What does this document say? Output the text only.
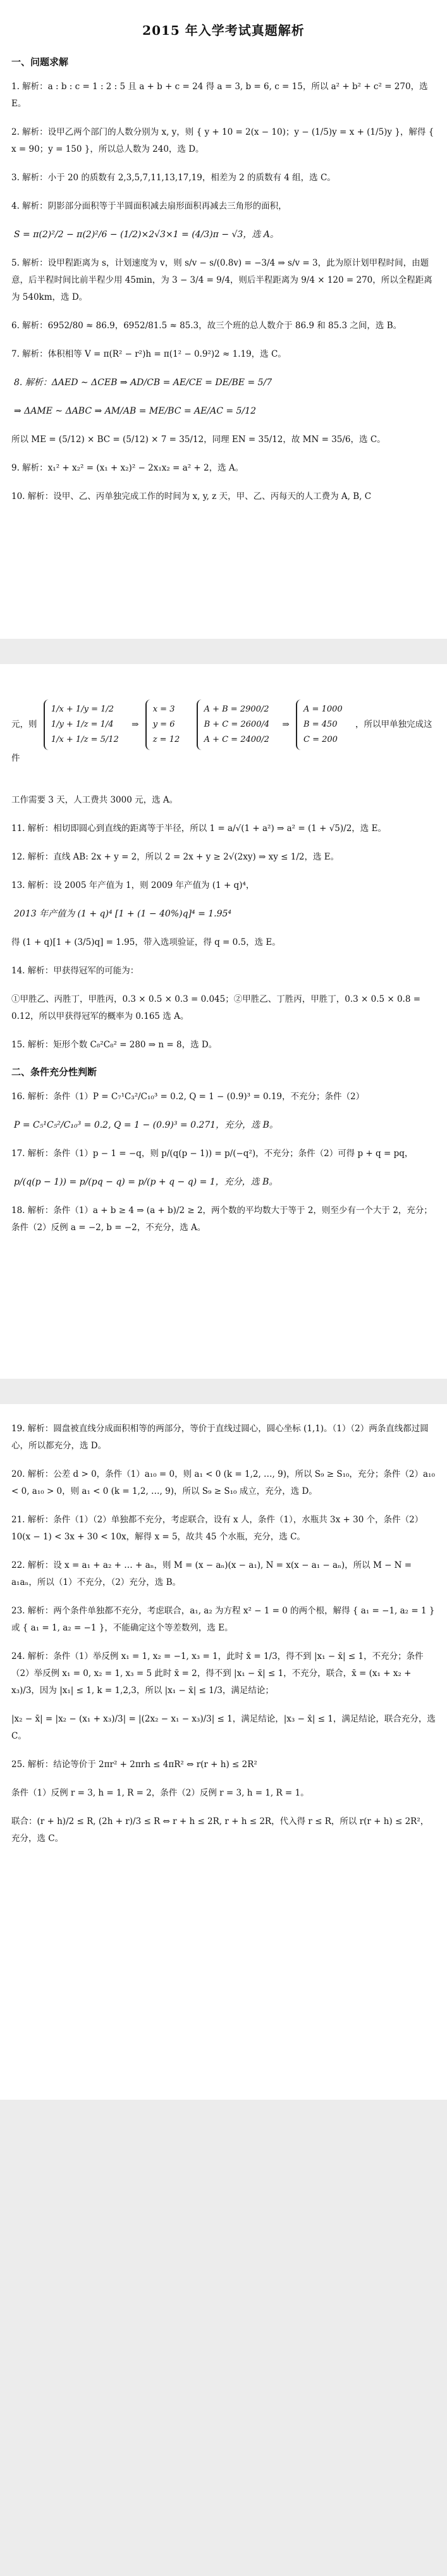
2015 年入学考试真题解析
一、问题求解
1. 解析：a : b : c = 1 : 2 : 5 且 a + b + c = 24 得 a = 3, b = 6, c = 15，所以 a² + b² + c² = 270，选 E。
2. 解析：设甲乙两个部门的人数分别为 x, y，则 { y + 10 = 2(x − 10)；y − (1/5)y = x + (1/5)y }，解得 { x = 90；y = 150 }，所以总人数为 240，选 D。
3. 解析：小于 20 的质数有 2,3,5,7,11,13,17,19，相差为 2 的质数有 4 组，选 C。
4. 解析：阴影部分面积等于半圆面积减去扇形面积再减去三角形的面积，
S = π(2)²/2 − π(2)²/6 − (1/2)×2√3×1 = (4/3)π − √3，选 A。
5. 解析：设甲程距离为 s，计划速度为 v，则 s/v − s/(0.8v) = −3/4 ⇒ s/v = 3，此为原计划甲程时间，由题意，后半程时间比前半程少用 45min，为 3 − 3/4 = 9/4，则后半程距离为 9/4 × 120 = 270，所以全程距离为 540km，选 D。
6. 解析：6952/80 ≈ 86.9，6952/81.5 ≈ 85.3，故三个班的总人数介于 86.9 和 85.3 之间，选 B。
7. 解析：体积相等 V = π(R² − r²)h = π(1² − 0.9²)2 ≈ 1.19，选 C。
8. 解析：ΔAED ∼ ΔCEB ⇒ AD/CB = AE/CE = DE/BE = 5/7
⇒ ΔAME ∼ ΔABC ⇒ AM/AB = ME/BC = AE/AC = 5/12
所以 ME = (5/12) × BC = (5/12) × 7 = 35/12，同理 EN = 35/12，故 MN = 35/6，选 C。
9. 解析：x₁² + x₂² = (x₁ + x₂)² − 2x₁x₂ = a² + 2，选 A。
10. 解析：设甲、乙、丙单独完成工作的时间为 x, y, z 天，甲、乙、丙每天的人工费为 A, B, C
元，则 1/x + 1/y = 1/2
1/y + 1/z = 1/4
1/x + 1/z = 5/12 ⇒ x = 3
y = 6
z = 12 A + B = 2900/2
B + C = 2600/4
A + C = 2400/2 ⇒ A = 1000
B = 450
C = 200 ，所以甲单独完成这件
工作需要 3 天，人工费共 3000 元，选 A。
11. 解析：相切即圆心到直线的距离等于半径，所以 1 = a/√(1 + a²) ⇒ a² = (1 + √5)/2，选 E。
12. 解析：直线 AB: 2x + y = 2，所以 2 = 2x + y ≥ 2√(2xy) ⇒ xy ≤ 1/2，选 E。
13. 解析：设 2005 年产值为 1，则 2009 年产值为 (1 + q)⁴，
2013 年产值为 (1 + q)⁴ [1 + (1 − 40%)q]⁴ = 1.95⁴
得 (1 + q)[1 + (3/5)q] = 1.95，带入选项验证，得 q = 0.5，选 E。
14. 解析：甲获得冠军的可能为：
①甲胜乙、丙胜丁，甲胜丙，0.3 × 0.5 × 0.3 = 0.045；②甲胜乙、丁胜丙，甲胜丁，0.3 × 0.5 × 0.8 = 0.12，所以甲获得冠军的概率为 0.165 选 A。
15. 解析：矩形个数 C₈²C₈² = 280 ⇒ n = 8，选 D。
二、条件充分性判断
16. 解析：条件（1）P = C₇¹C₃²/C₁₀³ = 0.2, Q = 1 − (0.9)³ = 0.19，不充分；条件（2）
P = C₅¹C₅²/C₁₀³ = 0.2, Q = 1 − (0.9)³ = 0.271，充分，选 B。
17. 解析：条件（1）p − 1 = −q，则 p/(q(p − 1)) = p/(−q²)，不充分；条件（2）可得 p + q = pq，
p/(q(p − 1)) = p/(pq − q) = p/(p + q − q) = 1，充分，选 B。
18. 解析：条件（1）a + b ≥ 4 ⇒ (a + b)/2 ≥ 2，两个数的平均数大于等于 2，则至少有一个大于 2，充分；条件（2）反例 a = −2, b = −2，不充分，选 A。
19. 解析：圆盘被直线分成面积相等的两部分，等价于直线过圆心，圆心坐标 (1,1)。（1）（2）两条直线都过圆心，所以都充分，选 D。
20. 解析：公差 d > 0，条件（1）a₁₀ = 0，则 a₁ < 0 (k = 1,2, …, 9)，所以 S₉ ≥ S₁₀，充分；条件（2）a₁₀ < 0, a₁₀ > 0，则 a₁ < 0 (k = 1,2, …, 9)，所以 S₉ ≥ S₁₀ 成立，充分，选 D。
21. 解析：条件（1）（2）单独都不充分，考虑联合，设有 x 人，条件（1），水瓶共 3x + 30 个，条件（2）10(x − 1) < 3x + 30 < 10x，解得 x = 5，故共 45 个水瓶，充分，选 C。
22. 解析：设 x = a₁ + a₂ + … + aₙ，则 M = (x − aₙ)(x − a₁), N = x(x − a₁ − aₙ)，所以 M − N = a₁aₙ，所以（1）不充分，（2）充分，选 B。
23. 解析：两个条件单独都不充分，考虑联合，a₁, a₂ 为方程 x² − 1 = 0 的两个根，解得 { a₁ = −1, a₂ = 1 } 或 { a₁ = 1, a₂ = −1 }，不能确定这个等差数列，选 E。
24. 解析：条件（1）举反例 x₁ = 1, x₂ = −1, x₃ = 1，此时 x̄ = 1/3，得不到 |x₁ − x̄| ≤ 1，不充分；条件（2）举反例 x₁ = 0, x₂ = 1, x₃ = 5 此时 x̄ = 2，得不到 |x₁ − x̄| ≤ 1，不充分，联合，x̄ = (x₁ + x₂ + x₃)/3，因为 |x₁| ≤ 1, k = 1,2,3，所以 |x₁ − x̄| ≤ 1/3，满足结论；
|x₂ − x̄| = |x₂ − (x₁ + x₃)/3| = |(2x₂ − x₁ − x₃)/3| ≤ 1，满足结论，|x₃ − x̄| ≤ 1，满足结论，联合充分，选 C。
25. 解析：结论等价于 2πr² + 2πrh ≤ 4πR² ⇔ r(r + h) ≤ 2R²
条件（1）反例 r = 3, h = 1, R = 2，条件（2）反例 r = 3, h = 1, R = 1。
联合：(r + h)/2 ≤ R, (2h + r)/3 ≤ R ⇔ r + h ≤ 2R, r + h ≤ 2R，代入得 r ≤ R，所以 r(r + h) ≤ 2R²，充分，选 C。
